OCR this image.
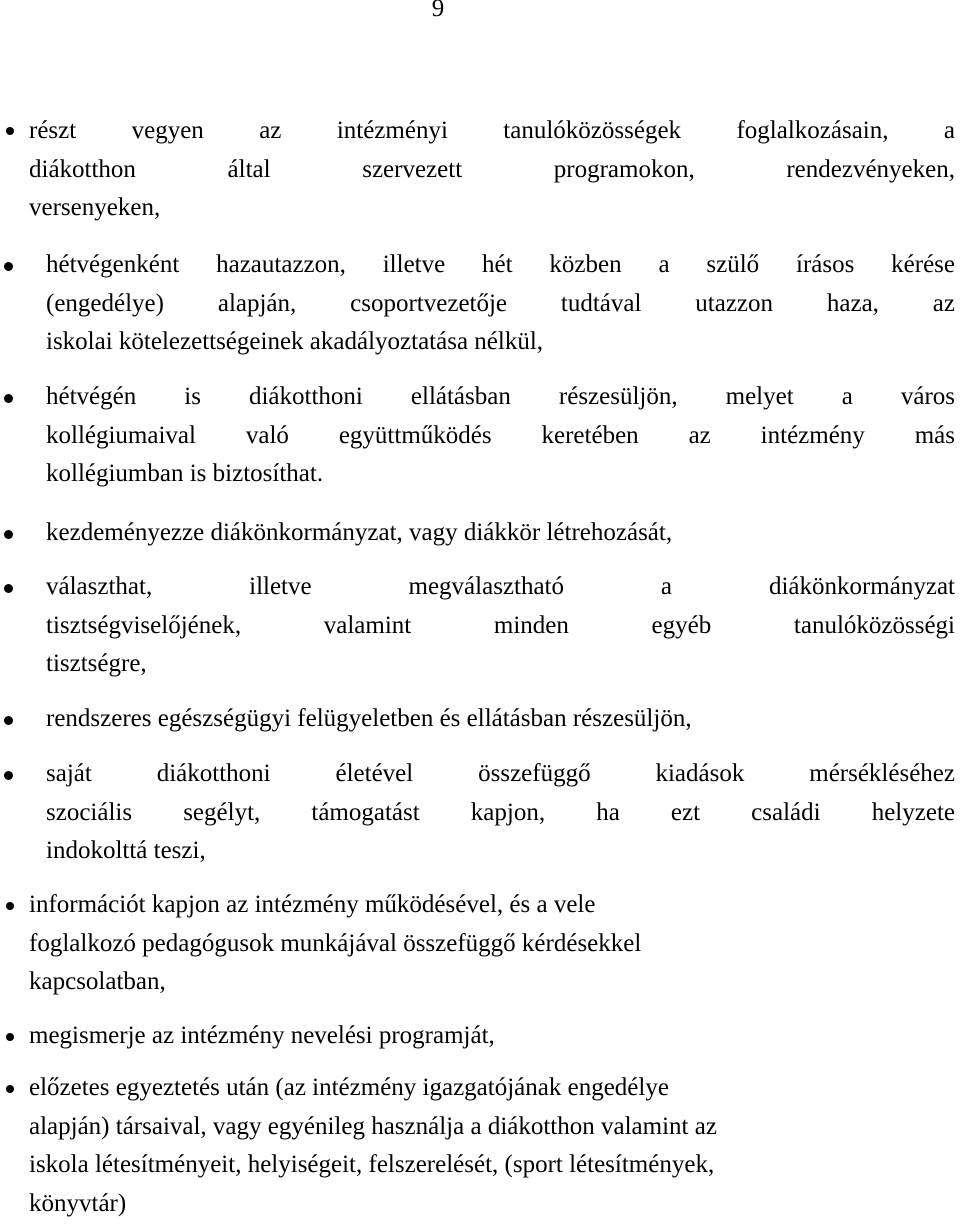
9
részt vegyen az intézményi tanulóközösségek foglalkozásain, a
diákotthon által szervezett programokon, rendezvényeken,
versenyeken,
hétvégenként hazautazzon, illetve hét közben a szülő írásos kérése
(engedélye) alapján, csoportvezetője tudtával utazzon haza, az
iskolai kötelezettségeinek akadályoztatása nélkül,
hétvégén is diákotthoni ellátásban részesüljön, melyet a város
kollégiumaival való együttműködés keretében az intézmény más
kollégiumban is biztosíthat.
kezdeményezze diákönkormányzat, vagy diákkör létrehozását,
választhat, illetve megválasztható a diákönkormányzat
tisztségviselőjének, valamint minden egyéb tanulóközösségi
tisztségre,
rendszeres egészségügyi felügyeletben és ellátásban részesüljön,
saját diákotthoni életével összefüggő kiadások mérsékléséhez
szociális segélyt, támogatást kapjon, ha ezt családi helyzete
indokolttá teszi,
információt kapjon az intézmény működésével, és a vele
foglalkozó pedagógusok munkájával összefüggő kérdésekkel
kapcsolatban,
megismerje az intézmény nevelési programját,
előzetes egyeztetés után (az intézmény igazgatójának engedélye
alapján) társaival, vagy egyénileg használja a diákotthon valamint az
iskola létesítményeit, helyiségeit, felszerelését, (sport létesítmények,
könyvtár)
